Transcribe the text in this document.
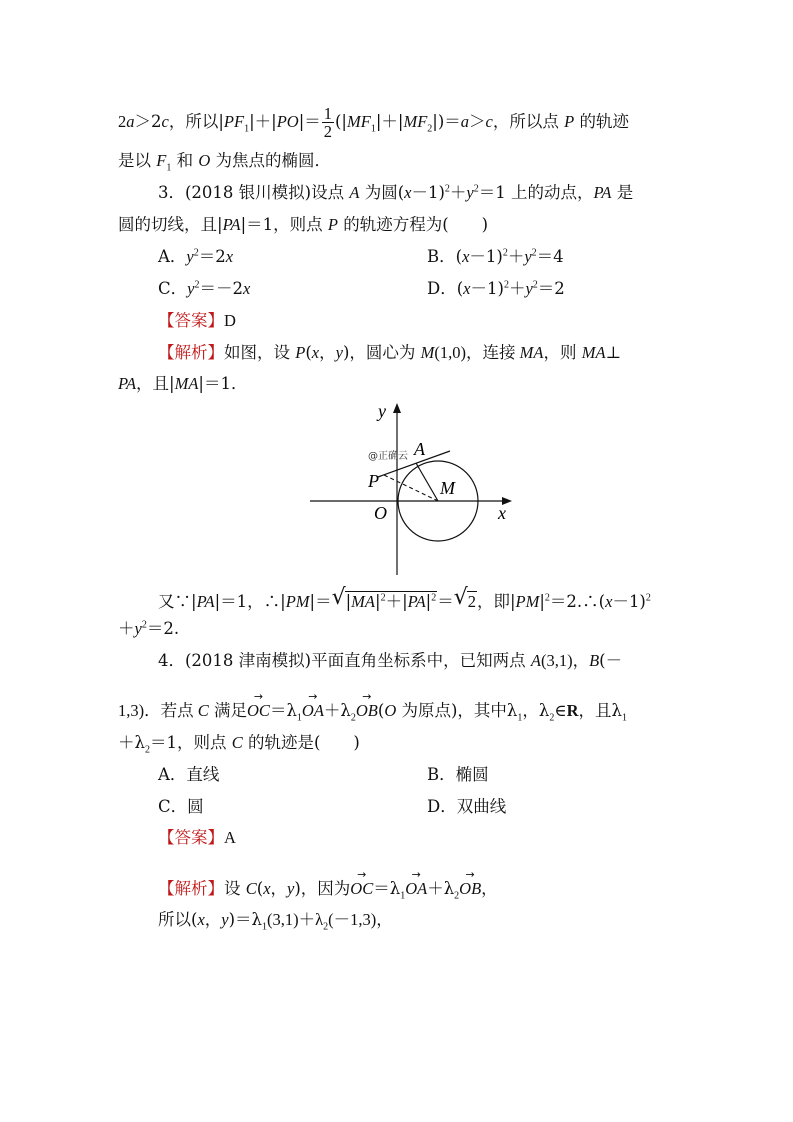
2a＞2c，所以$|PF_1|+|PO|= \frac{1}{2} (|MF_1|+|MF_2|)=a>c$，所以点 P 的轨迹
是以 $F_1$ 和 O 为焦点的椭圆．
3．(2018 银川模拟)设点 A 为圆$(x-1)^2+y^2=1$ 上的动点，PA 是
圆的切线，且|PA|＝1，则点 P 的轨迹方程为(　　)
A．$y^2=2x$	B．$(x-1)^2+y^2=4$
C．$y^2=-2x$	D．$(x-1)^2+y^2=2$
【答案】D
【解析】如图，设 P(x，y)，圆心为 M(1,0)，连接 MA，则 MA⊥
PA，且|MA|＝1．
y
x
A
P	M
O
@正确云
又∵|PA|＝1，∴|PM|＝ √ $|MA|^2+|PA|^2=$ √ 2，即$|PM|^2=2.\therefore(x-1)^2$
$+y^2=2$.
4．(2018 津南模拟)平面直角坐标系中，已知两点 A(3,1)，B(－
1,3)．若点 C 满足→ $OC=\lambda_1\to OA+\lambda_2\to OB(O$ 为原点)，其中$\lambda_1$，$\lambda_2\in R$，且$\lambda_1$
$+\lambda_2=1$，则点 C 的轨迹是(　　)
A．直线	B．椭圆
C．圆	D．双曲线
【答案】A
【解析】设 C(x，y)，因为→ $OC=\lambda_1\to OA+\lambda_2\to$ OB，
所以(x，$y)=\lambda_1(3,1)+\lambda_2(-1,3)$，
